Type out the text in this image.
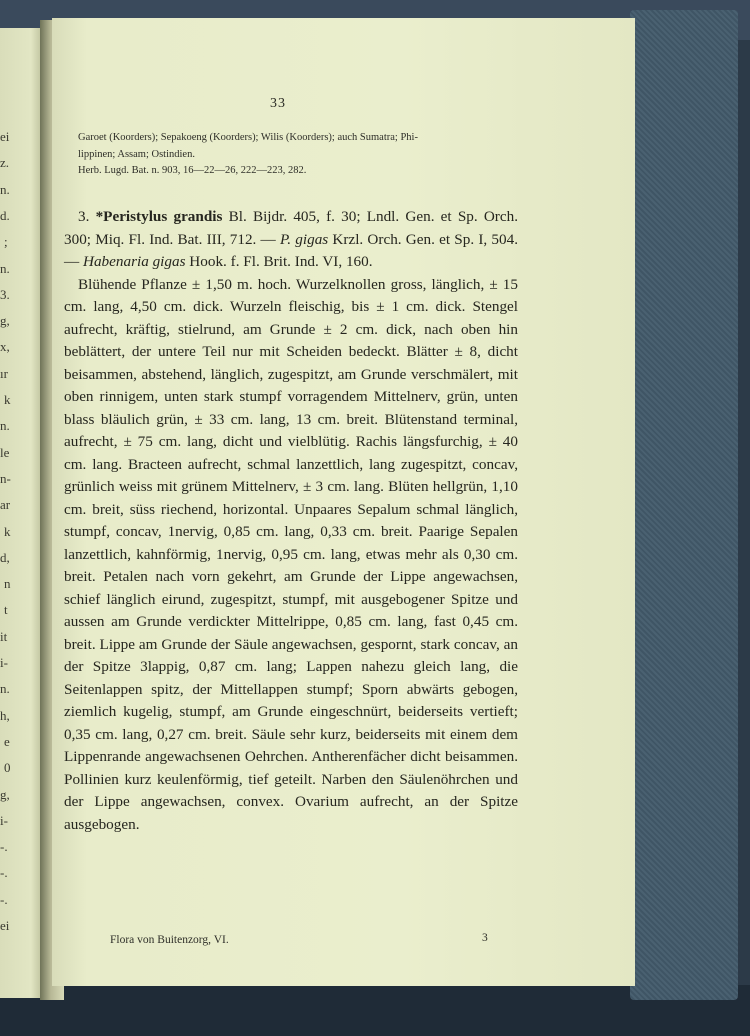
ei
z.
n.
d.
;
n.
3.
g,
x,
ır
k
n.
le
n-
ar
k
d,
n
t
it
i-
n.
h,
e
0
g,
i-
-.
-.
-.
ei
33
Garoet (Koorders); Sepakoeng (Koorders); Wilis (Koorders); auch Sumatra; Phi-
lippinen; Assam; Ostindien.
Herb. Lugd. Bat. n. 903, 16—22—26, 222—223, 282.

3. *Peristylus grandis Bl. Bijdr. 405, f. 30; Lndl. Gen. et Sp. Orch. 300; Miq. Fl. Ind. Bat. III, 712. — P. gigas Krzl. Orch. Gen. et Sp. I, 504. — Habenaria gigas Hook. f. Fl. Brit. Ind. VI, 160.

Blühende Pflanze ± 1,50 m. hoch. Wurzelknollen gross, länglich, ± 15 cm. lang, 4,50 cm. dick. Wurzeln fleischig, bis ± 1 cm. dick. Stengel aufrecht, kräftig, stielrund, am Grunde ± 2 cm. dick, nach oben hin beblättert, der untere Teil nur mit Scheiden bedeckt. Blätter ± 8, dicht beisammen, abstehend, länglich, zugespitzt, am Grunde verschmälert, mit oben rinnigem, unten stark stumpf vorragendem Mittelnerv, grün, unten blass bläulich grün, ± 33 cm. lang, 13 cm. breit. Blütenstand terminal, aufrecht, ± 75 cm. lang, dicht und vielblütig. Rachis längsfurchig, ± 40 cm. lang. Bracteen aufrecht, schmal lanzettlich, lang zugespitzt, concav, grünlich weiss mit grünem Mittelnerv, ± 3 cm. lang. Blüten hellgrün, 1,10 cm. breit, süss riechend, horizontal. Unpaares Sepalum schmal länglich, stumpf, concav, 1nervig, 0,85 cm. lang, 0,33 cm. breit. Paarige Sepalen lanzettlich, kahnförmig, 1nervig, 0,95 cm. lang, etwas mehr als 0,30 cm. breit. Petalen nach vorn gekehrt, am Grunde der Lippe angewachsen, schief länglich eirund, zugespitzt, stumpf, mit ausgebogener Spitze und aussen am Grunde verdickter Mittelrippe, 0,85 cm. lang, fast 0,45 cm. breit. Lippe am Grunde der Säule angewachsen, gespornt, stark concav, an der Spitze 3lappig, 0,87 cm. lang; Lappen nahezu gleich lang, die Seitenlappen spitz, der Mittellappen stumpf; Sporn abwärts gebogen, ziemlich kugelig, stumpf, am Grunde eingeschnürt, beiderseits vertieft; 0,35 cm. lang, 0,27 cm. breit. Säule sehr kurz, beiderseits mit einem dem Lippenrande angewachsenen Oehrchen. Antherenfächer dicht beisammen. Pollinien kurz keulenförmig, tief geteilt. Narben den Säulenöhrchen und der Lippe angewachsen, convex. Ovarium aufrecht, an der Spitze ausgebogen.

Flora von Buitenzorg, VI.	3
